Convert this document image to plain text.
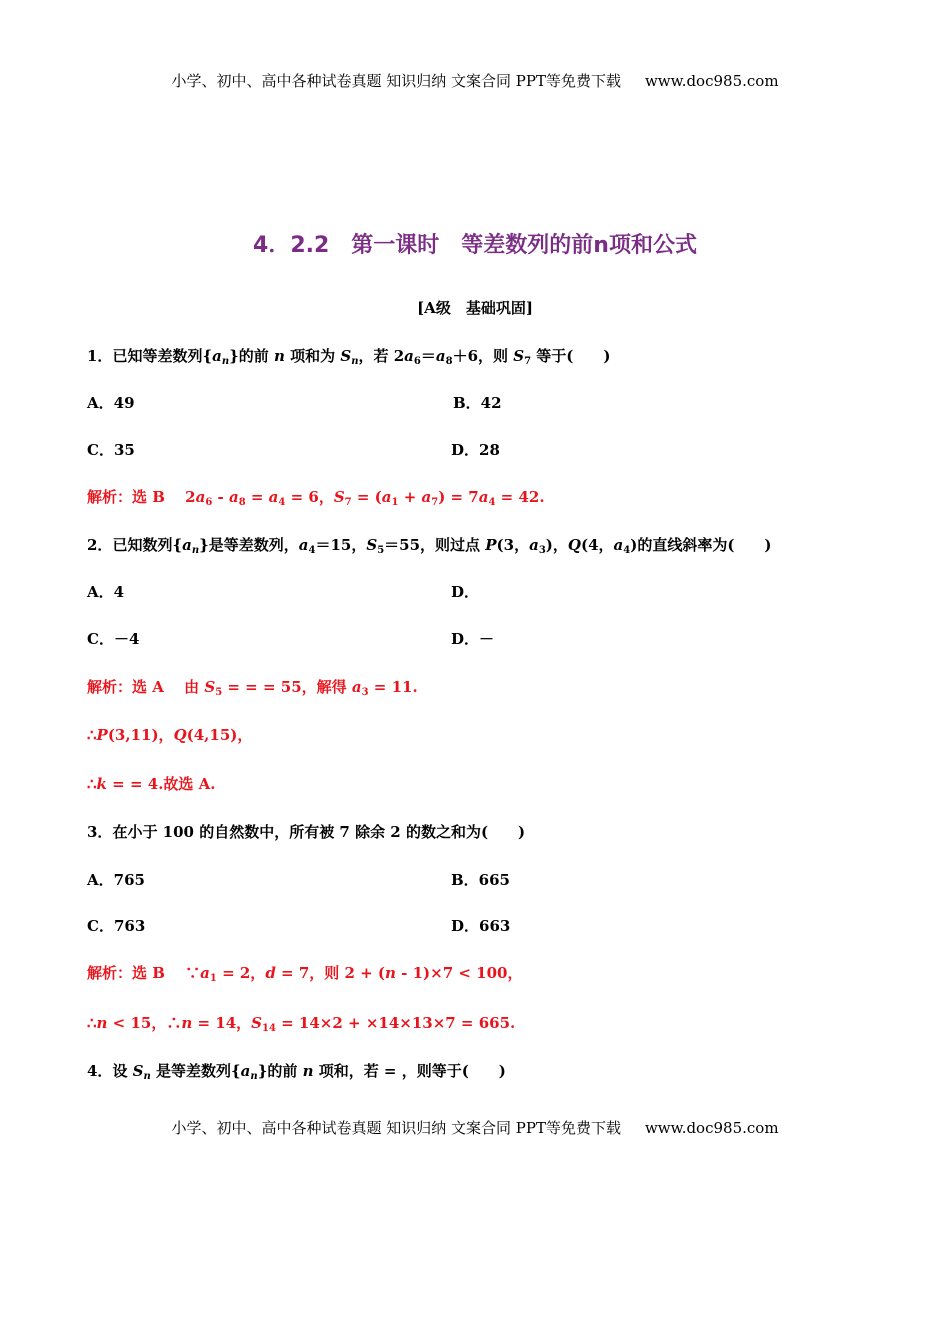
小学、初中、高中各种试卷真题 知识归纳 文案合同 PPT等免费下载 www.doc985.com
小学、初中、高中各种试卷真题 知识归纳 文案合同 PPT等免费下载 www.doc985.com
4．2.2　第一课时　等差数列的前n项和公式
[A级　基础巩固]
1．已知等差数列$\{a_n\}$的前 n 项和为 $S_n$，若 $2a_6=a_8+6$，则 $S_7$ 等于(　　)
A．49	B．42
C．35	D．28
解析：选 B　 $2a_6 - a_8 = a_4 = 6$，$S_7 = (a_1 + a_7) = 7a_4 = 42$.
2．已知数列$\{a_n\}$是等差数列，$a_4=15$，$S_5=55$，则过点 P(3，$a_3$)，Q(4，$a_4$)的直线斜率为(　　)
A．4	D．
C．－4	D．－
解析：选 A　 由 $S_5$ = = = 55，解得 $a_3 = 11$.
∴P(3,11)，Q(4,15)，
∴k = = 4.故选 A.
3．在小于 100 的自然数中，所有被 7 除余 2 的数之和为(　　)
A．765	B．665
C．763	D．663
解析：选 B　 $\because a_1 = 2$，d = 7，则 2 + (n - 1)×7 < 100，
∴n < 15，∴n = 14，$S_{14} = 14\times 2 + \times 14\times 13\times 7 = 665$.
4．设 $S_n$ 是等差数列$\{a_n\}$的前 n 项和，若 = ，则等于(　　)
